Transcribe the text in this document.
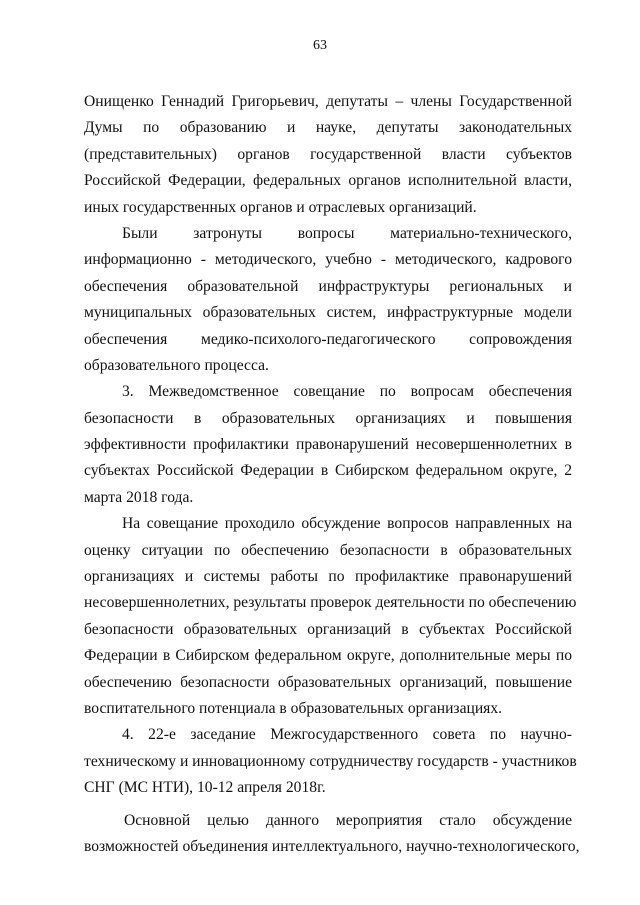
63
Онищенко Геннадий Григорьевич, депутаты – члены Государственной
Думы по образованию и науке, депутаты законодательных
(представительных) органов государственной власти субъектов
Российской Федерации, федеральных органов исполнительной власти,
иных государственных органов и отраслевых организаций.
Были затронуты вопросы материально-технического,
информационно - методического, учебно - методического, кадрового
обеспечения образовательной инфраструктуры региональных и
муниципальных образовательных систем, инфраструктурные модели
обеспечения медико-психолого-педагогического сопровождения
образовательного процесса.
3. Межведомственное совещание по вопросам обеспечения
безопасности в образовательных организациях и повышения
эффективности профилактики правонарушений несовершеннолетних в
субъектах Российской Федерации в Сибирском федеральном округе, 2
марта 2018 года.
На совещание проходило обсуждение вопросов направленных на
оценку ситуации по обеспечению безопасности в образовательных
организациях и системы работы по профилактике правонарушений
несовершеннолетних, результаты проверок деятельности по обеспечению
безопасности образовательных организаций в субъектах Российской
Федерации в Сибирском федеральном округе, дополнительные меры по
обеспечению безопасности образовательных организаций, повышение
воспитательного потенциала в образовательных организациях.
4. 22-е заседание Межгосударственного совета по научно-
техническому и инновационному сотрудничеству государств - участников
СНГ (МС НТИ), 10-12 апреля 2018г.
Основной целью данного мероприятия стало обсуждение
возможностей объединения интеллектуального, научно-технологического,
